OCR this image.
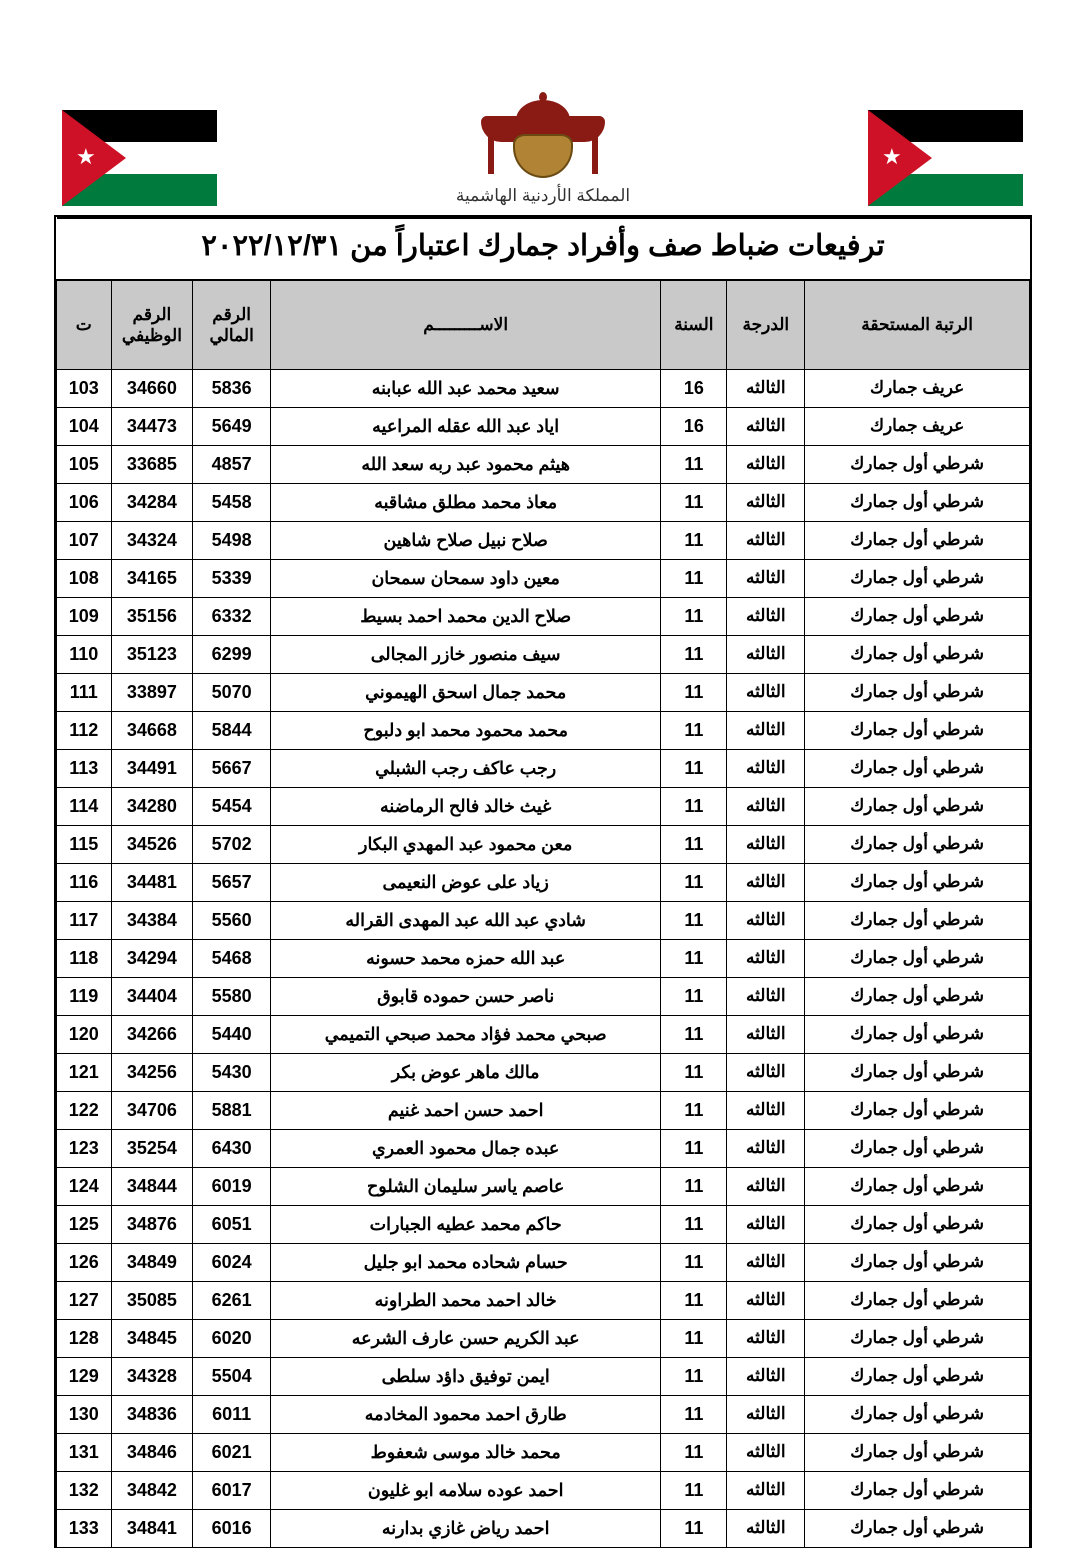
★
المملكة الأردنية الهاشمية
★
ترفيعات ضباط صف وأفراد جمارك اعتباراً من ٢٠٢٢/١٢/٣١						
الرتبة المستحقة	الدرجة	السنة	الاســـــــــم	الرقم المالي	الرقم الوظيفي	ت
عريف جمارك	الثالثه	16	سعيد محمد عبد الله عبابنه	5836	34660	103
عريف جمارك	الثالثه	16	اياد عبد الله عقله المراعيه	5649	34473	104
شرطي أول جمارك	الثالثه	11	هيثم محمود عبد ربه سعد الله	4857	33685	105
شرطي أول جمارك	الثالثه	11	معاذ محمد مطلق مشاقبه	5458	34284	106
شرطي أول جمارك	الثالثه	11	صلاح نبيل صلاح شاهين	5498	34324	107
شرطي أول جمارك	الثالثه	11	معين داود سمحان سمحان	5339	34165	108
شرطي أول جمارك	الثالثه	11	صلاح الدين محمد احمد بسيط	6332	35156	109
شرطي أول جمارك	الثالثه	11	سيف منصور خازر المجالى	6299	35123	110
شرطي أول جمارك	الثالثه	11	محمد جمال اسحق الهيموني	5070	33897	111
شرطي أول جمارك	الثالثه	11	محمد محمود محمد ابو دلبوح	5844	34668	112
شرطي أول جمارك	الثالثه	11	رجب عاكف رجب الشبلي	5667	34491	113
شرطي أول جمارك	الثالثه	11	غيث خالد فالح الرماضنه	5454	34280	114
شرطي أول جمارك	الثالثه	11	معن محمود عبد المهدي البكار	5702	34526	115
شرطي أول جمارك	الثالثه	11	زياد على عوض النعيمى	5657	34481	116
شرطي أول جمارك	الثالثه	11	شادي عبد الله عبد المهدى القراله	5560	34384	117
شرطي أول جمارك	الثالثه	11	عبد الله حمزه محمد حسونه	5468	34294	118
شرطي أول جمارك	الثالثه	11	ناصر حسن حموده قابوق	5580	34404	119
شرطي أول جمارك	الثالثه	11	صبحي محمد فؤاد محمد صبحي التميمي	5440	34266	120
شرطي أول جمارك	الثالثه	11	مالك ماهر عوض بكر	5430	34256	121
شرطي أول جمارك	الثالثه	11	احمد حسن احمد غنيم	5881	34706	122
شرطي أول جمارك	الثالثه	11	عبده جمال محمود العمري	6430	35254	123
شرطي أول جمارك	الثالثه	11	عاصم ياسر سليمان الشلوح	6019	34844	124
شرطي أول جمارك	الثالثه	11	حاكم محمد عطيه الجبارات	6051	34876	125
شرطي أول جمارك	الثالثه	11	حسام شحاده محمد ابو جليل	6024	34849	126
شرطي أول جمارك	الثالثه	11	خالد احمد محمد الطراونه	6261	35085	127
شرطي أول جمارك	الثالثه	11	عبد الكريم حسن عارف الشرعه	6020	34845	128
شرطي أول جمارك	الثالثه	11	ايمن توفيق داؤد سلطى	5504	34328	129
شرطي أول جمارك	الثالثه	11	طارق احمد محمود المخادمه	6011	34836	130
شرطي أول جمارك	الثالثه	11	محمد خالد موسى شعفوط	6021	34846	131
شرطي أول جمارك	الثالثه	11	احمد عوده سلامه ابو غليون	6017	34842	132
شرطي أول جمارك	الثالثه	11	احمد رياض غازي بدارنه	6016	34841	133
